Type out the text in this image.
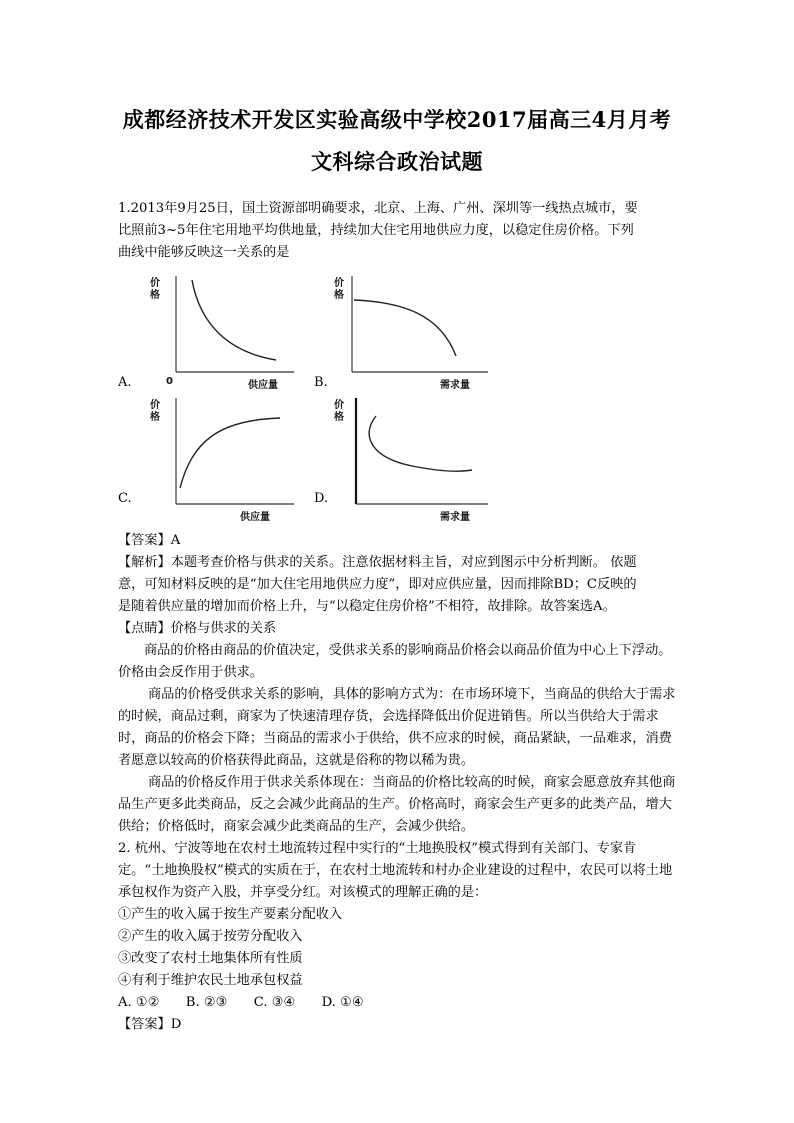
成都经济技术开发区实验高级中学校2017届高三4月月考
文科综合政治试题

1.2013年9月25日，国土资源部明确要求，北京、上海、广州、深圳等一线热点城市，要

比照前3~5年住宅用地平均供地量，持续加大住宅用地供应力度，以稳定住房价格。下列

曲线中能够反映这一关系的是

A.
价
格
0	供应量	B.
价
格
需求量
C.
价
格
供应量
D.
价
格
需求量

【答案】A

【解析】本题考查价格与供求的关系。注意依据材料主旨，对应到图示中分析判断。 依题

意，可知材料反映的是“加大住宅用地供应力度”，即对应供应量，因而排除BD；C反映的

是随着供应量的增加而价格上升，与“以稳定住房价格”不相符，故排除。故答案选A。

【点睛】价格与供求的关系

商品的价格由商品的价值决定，受供求关系的影响商品价格会以商品价值为中心上下浮动。价格由会反作用于供求。

商品的价格受供求关系的影响，具体的影响方式为：在市场环境下，当商品的供给大于需求的时候，商品过剩，商家为了快速清理存货，会选择降低出价促进销售。所以当供给大于需求时，商品的价格会下降；当商品的需求小于供给，供不应求的时候，商品紧缺，一品难求，消费者愿意以较高的价格获得此商品，这就是俗称的物以稀为贵。

商品的价格反作用于供求关系体现在：当商品的价格比较高的时候，商家会愿意放弃其他商品生产更多此类商品，反之会减少此商品的生产。价格高时，商家会生产更多的此类产品，增大供给；价格低时，商家会减少此类商品的生产，会减少供给。

2. 杭州、宁波等地在农村土地流转过程中实行的“土地换股权”模式得到有关部门、专家肯定。“土地换股权”模式的实质在于，在农村土地流转和村办企业建设的过程中，农民可以将土地承包权作为资产入股，并享受分红。对该模式的理解正确的是：

①产生的收入属于按生产要素分配收入

②产生的收入属于按劳分配收入

③改变了农村土地集体所有性质

④有利于维护农民土地承包权益

A. ①② B. ②③ C. ③④ D. ①④

【答案】D
